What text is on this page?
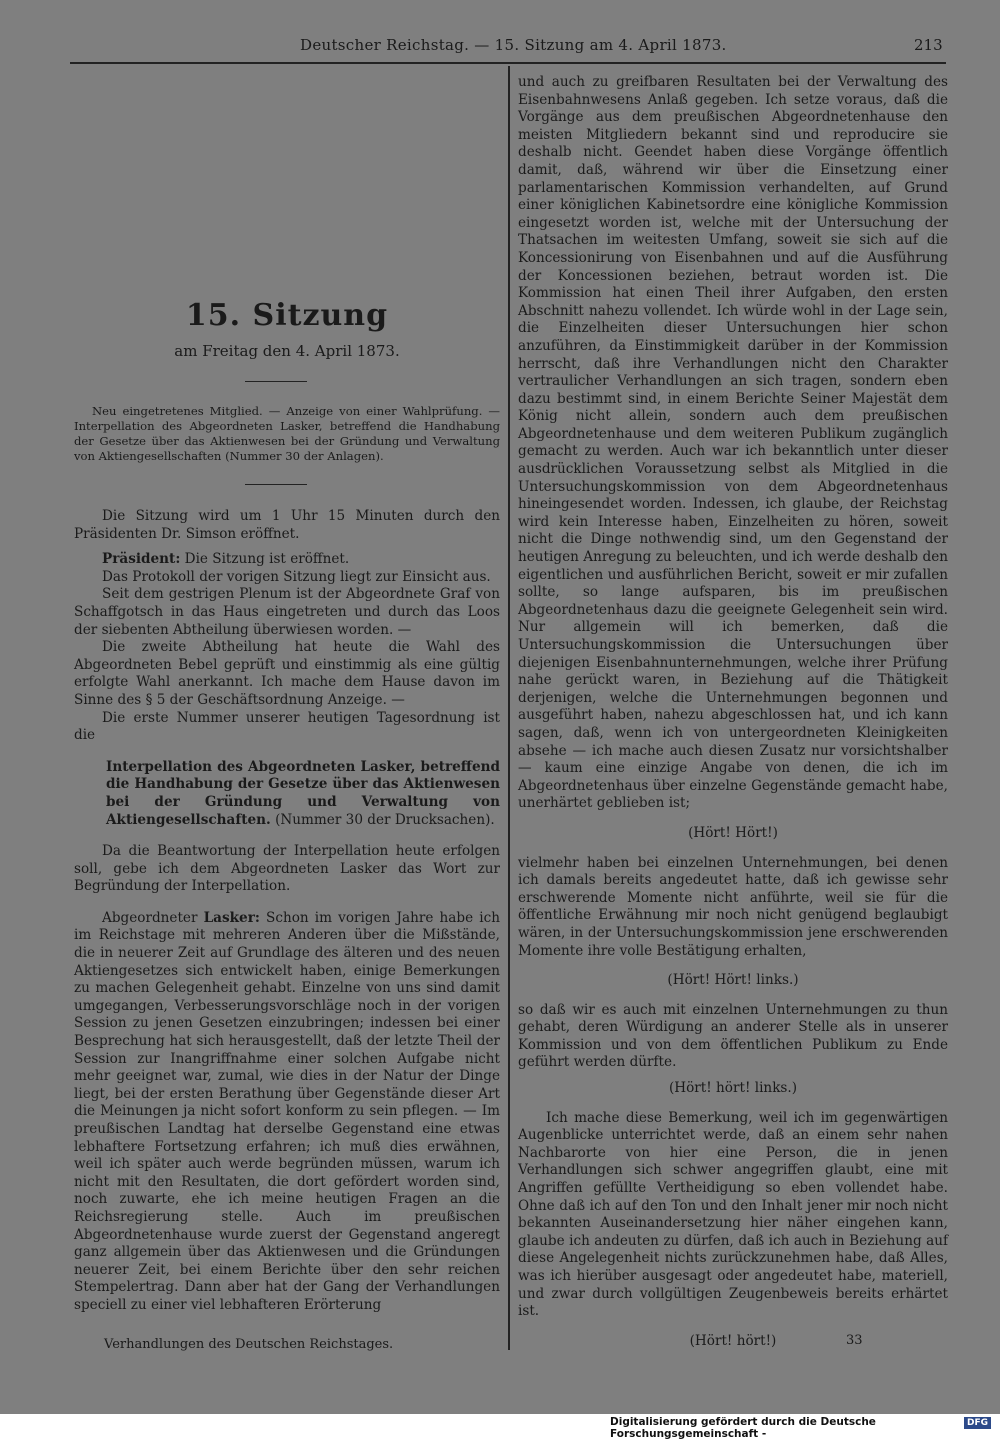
Deutscher Reichstag. — 15. Sitzung am 4. April 1873.	213
15. Sitzung
am Freitag den 4. April 1873.
Neu eingetretenes Mitglied. — Anzeige von einer Wahlprüfung. — Interpellation des Abgeordneten Lasker, betreffend die Handhabung der Gesetze über das Aktienwesen bei der Gründung und Verwaltung von Aktiengesellschaften (Nummer 30 der Anlagen).

Die Sitzung wird um 1 Uhr 15 Minuten durch den Präsidenten Dr. Simson eröffnet.

Präsident: Die Sitzung ist eröffnet.

Das Protokoll der vorigen Sitzung liegt zur Einsicht aus.

Seit dem gestrigen Plenum ist der Abgeordnete Graf von Schaffgotsch in das Haus eingetreten und durch das Loos der siebenten Abtheilung überwiesen worden. —

Die zweite Abtheilung hat heute die Wahl des Abgeordneten Bebel geprüft und einstimmig als eine gültig erfolgte Wahl anerkannt. Ich mache dem Hause davon im Sinne des § 5 der Geschäftsordnung Anzeige. —

Die erste Nummer unserer heutigen Tagesordnung ist die

Interpellation des Abgeordneten Lasker, betreffend die Handhabung der Gesetze über das Aktienwesen bei der Gründung und Verwaltung von Aktiengesellschaften. (Nummer 30 der Drucksachen).

Da die Beantwortung der Interpellation heute erfolgen soll, gebe ich dem Abgeordneten Lasker das Wort zur Begründung der Interpellation.

Abgeordneter Lasker: Schon im vorigen Jahre habe ich im Reichstage mit mehreren Anderen über die Mißstände, die in neuerer Zeit auf Grundlage des älteren und des neuen Aktiengesetzes sich entwickelt haben, einige Bemerkungen zu machen Gelegenheit gehabt. Einzelne von uns sind damit umgegangen, Verbesserungsvorschläge noch in der vorigen Session zu jenen Gesetzen einzubringen; indessen bei einer Besprechung hat sich herausgestellt, daß der letzte Theil der Session zur Inangriffnahme einer solchen Aufgabe nicht mehr geeignet war, zumal, wie dies in der Natur der Dinge liegt, bei der ersten Berathung über Gegenstände dieser Art die Meinungen ja nicht sofort konform zu sein pflegen. — Im preußischen Landtag hat derselbe Gegenstand eine etwas lebhaftere Fortsetzung erfahren; ich muß dies erwähnen, weil ich später auch werde begründen müssen, warum ich nicht mit den Resultaten, die dort gefördert worden sind, noch zuwarte, ehe ich meine heutigen Fragen an die Reichsregierung stelle. Auch im preußischen Abgeordnetenhause wurde zuerst der Gegenstand angeregt ganz allgemein über das Aktienwesen und die Gründungen neuerer Zeit, bei einem Berichte über den sehr reichen Stempelertrag. Dann aber hat der Gang der Verhandlungen speciell zu einer viel lebhafteren Erörterung

und auch zu greifbaren Resultaten bei der Verwaltung des Eisenbahnwesens Anlaß gegeben. Ich setze voraus, daß die Vorgänge aus dem preußischen Abgeordnetenhause den meisten Mitgliedern bekannt sind und reproducire sie deshalb nicht. Geendet haben diese Vorgänge öffentlich damit, daß, während wir über die Einsetzung einer parlamentarischen Kommission verhandelten, auf Grund einer königlichen Kabinetsordre eine königliche Kommission eingesetzt worden ist, welche mit der Untersuchung der Thatsachen im weitesten Umfang, soweit sie sich auf die Koncessionirung von Eisenbahnen und auf die Ausführung der Koncessionen beziehen, betraut worden ist. Die Kommission hat einen Theil ihrer Aufgaben, den ersten Abschnitt nahezu vollendet. Ich würde wohl in der Lage sein, die Einzelheiten dieser Untersuchungen hier schon anzuführen, da Einstimmigkeit darüber in der Kommission herrscht, daß ihre Verhandlungen nicht den Charakter vertraulicher Verhandlungen an sich tragen, sondern eben dazu bestimmt sind, in einem Berichte Seiner Majestät dem König nicht allein, sondern auch dem preußischen Abgeordnetenhause und dem weiteren Publikum zugänglich gemacht zu werden. Auch war ich bekanntlich unter dieser ausdrücklichen Voraussetzung selbst als Mitglied in die Untersuchungskommission von dem Abgeordnetenhaus hineingesendet worden. Indessen, ich glaube, der Reichstag wird kein Interesse haben, Einzelheiten zu hören, soweit nicht die Dinge nothwendig sind, um den Gegenstand der heutigen Anregung zu beleuchten, und ich werde deshalb den eigentlichen und ausführlichen Bericht, soweit er mir zufallen sollte, so lange aufsparen, bis im preußischen Abgeordnetenhaus dazu die geeignete Gelegenheit sein wird. Nur allgemein will ich bemerken, daß die Untersuchungskommission die Untersuchungen über diejenigen Eisenbahnunternehmungen, welche ihrer Prüfung nahe gerückt waren, in Beziehung auf die Thätigkeit derjenigen, welche die Unternehmungen begonnen und ausgeführt haben, nahezu abgeschlossen hat, und ich kann sagen, daß, wenn ich von untergeordneten Kleinigkeiten absehe — ich mache auch diesen Zusatz nur vorsichtshalber — kaum eine einzige Angabe von denen, die ich im Abgeordnetenhaus über einzelne Gegenstände gemacht habe, unerhärtet geblieben ist;

(Hört! Hört!)

vielmehr haben bei einzelnen Unternehmungen, bei denen ich damals bereits angedeutet hatte, daß ich gewisse sehr erschwerende Momente nicht anführte, weil sie für die öffentliche Erwähnung mir noch nicht genügend beglaubigt wären, in der Untersuchungskommission jene erschwerenden Momente ihre volle Bestätigung erhalten,

(Hört! Hört! links.)

so daß wir es auch mit einzelnen Unternehmungen zu thun gehabt, deren Würdigung an anderer Stelle als in unserer Kommission und von dem öffentlichen Publikum zu Ende geführt werden dürfte.

(Hört! hört! links.)

Ich mache diese Bemerkung, weil ich im gegenwärtigen Augenblicke unterrichtet werde, daß an einem sehr nahen Nachbarorte von hier eine Person, die in jenen Verhandlungen sich schwer angegriffen glaubt, eine mit Angriffen gefüllte Vertheidigung so eben vollendet habe. Ohne daß ich auf den Ton und den Inhalt jener mir noch nicht bekannten Auseinandersetzung hier näher eingehen kann, glaube ich andeuten zu dürfen, daß ich auch in Beziehung auf diese Angelegenheit nichts zurückzunehmen habe, daß Alles, was ich hierüber ausgesagt oder angedeutet habe, materiell, und zwar durch vollgültigen Zeugenbeweis bereits erhärtet ist.

(Hört! hört!)

Verhandlungen des Deutschen Reichstages.	33
Digitalisierung gefördert durch die Deutsche Forschungsgemeinschaft -
DFG
